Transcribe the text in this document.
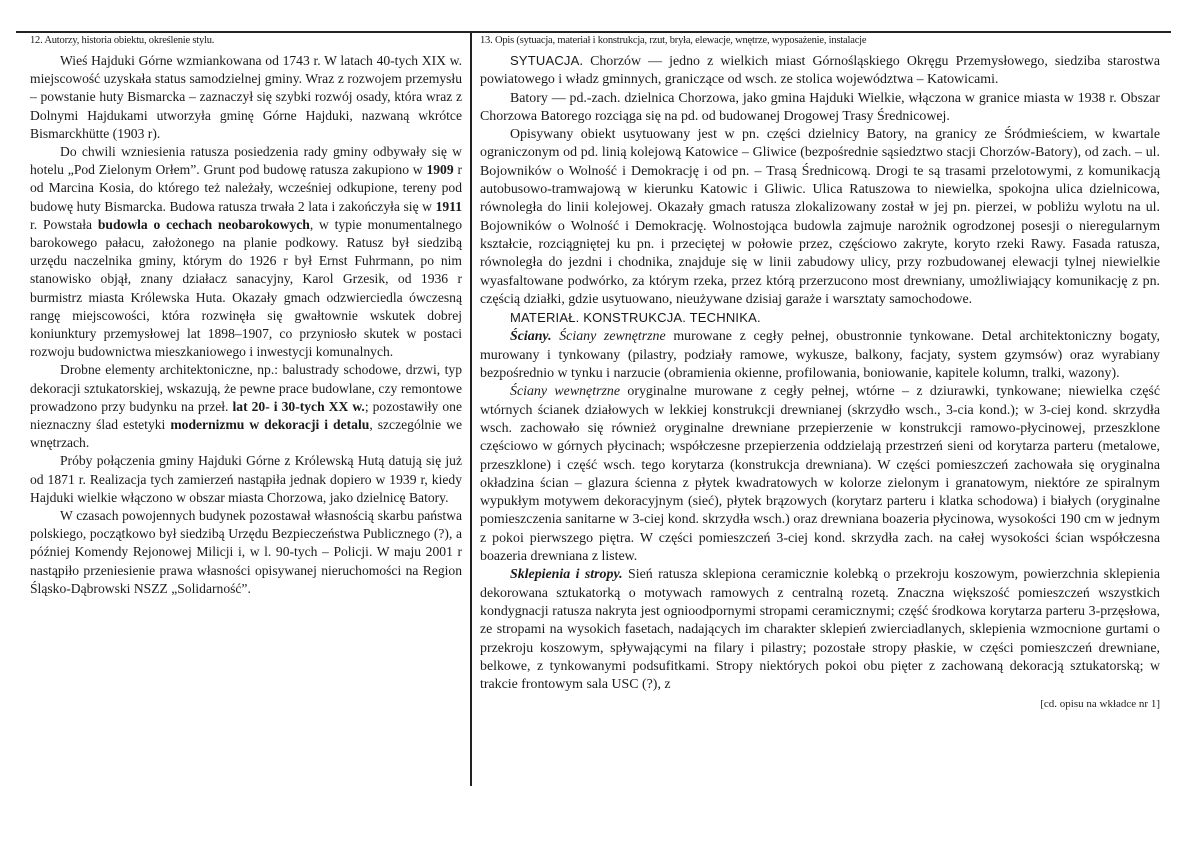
12. Autorzy, historia obiektu, określenie stylu.

Wieś Hajduki Górne wzmiankowana od 1743 r. W latach 40-tych XIX w. miejscowość uzyskała status samodzielnej gminy. Wraz z rozwojem przemysłu – powstanie huty Bismarcka – zaznaczył się szybki rozwój osady, która wraz z Dolnymi Hajdukami utworzyła gminę Górne Hajduki, nazwaną wkrótce Bismarckhütte (1903 r).

Do chwili wzniesienia ratusza posiedzenia rady gminy odbywały się w hotelu „Pod Zielonym Orłem”. Grunt pod budowę ratusza zakupiono w 1909 r od Marcina Kosia, do którego też należały, wcześniej odkupione, tereny pod budowę huty Bismarcka. Budowa ratusza trwała 2 lata i zakończyła się w 1911 r. Powstała budowla o cechach neobarokowych, w typie monumentalnego barokowego pałacu, założonego na planie podkowy. Ratusz był siedzibą urzędu naczelnika gminy, którym do 1926 r był Ernst Fuhrmann, po nim stanowisko objął, znany działacz sanacyjny, Karol Grzesik, od 1936 r burmistrz miasta Królewska Huta. Okazały gmach odzwierciedla ówczesną rangę miejscowości, która rozwinęła się gwałtownie wskutek dobrej koniunktury przemysłowej lat 1898–1907, co przyniosło skutek w postaci rozwoju budownictwa mieszkaniowego i inwestycji komunalnych.

Drobne elementy architektoniczne, np.: balustrady schodowe, drzwi, typ dekoracji sztukatorskiej, wskazują, że pewne prace budowlane, czy remontowe prowadzono przy budynku na przeł. lat 20- i 30-tych XX w.; pozostawiły one nieznaczny ślad estetyki modernizmu w dekoracji i detalu, szczególnie we wnętrzach.

Próby połączenia gminy Hajduki Górne z Królewską Hutą datują się już od 1871 r. Realizacja tych zamierzeń nastąpiła jednak dopiero w 1939 r, kiedy Hajduki wielkie włączono w obszar miasta Chorzowa, jako dzielnicę Batory.

W czasach powojennych budynek pozostawał własnością skarbu państwa polskiego, początkowo był siedzibą Urzędu Bezpieczeństwa Publicznego (?), a później Komendy Rejonowej Milicji i, w l. 90-tych – Policji. W maju 2001 r nastąpiło przeniesienie prawa własności opisywanej nieruchomości na Region Śląsko-Dąbrowski NSZZ „Solidarność”.

13. Opis (sytuacja, materiał i konstrukcja, rzut, bryła, elewacje, wnętrze, wyposażenie, instalacje

SYTUACJA. Chorzów — jedno z wielkich miast Górnośląskiego Okręgu Przemysłowego, siedziba starostwa powiatowego i władz gminnych, graniczące od wsch. ze stolica województwa – Katowicami.

Batory — pd.-zach. dzielnica Chorzowa, jako gmina Hajduki Wielkie, włączona w granice miasta w 1938 r. Obszar Chorzowa Batorego rozciąga się na pd. od budowanej Drogowej Trasy Średnicowej.

Opisywany obiekt usytuowany jest w pn. części dzielnicy Batory, na granicy ze Śródmieściem, w kwartale ograniczonym od pd. linią kolejową Katowice – Gliwice (bezpośrednie sąsiedztwo stacji Chorzów-Batory), od zach. – ul. Bojowników o Wolność i Demokrację i od pn. – Trasą Średnicową. Drogi te są trasami przelotowymi, z komunikacją autobusowo-tramwajową w kierunku Katowic i Gliwic. Ulica Ratuszowa to niewielka, spokojna ulica dzielnicowa, równoległa do linii kolejowej. Okazały gmach ratusza zlokalizowany został w jej pn. pierzei, w pobliżu wylotu na ul. Bojowników o Wolność i Demokrację. Wolnostojąca budowla zajmuje narożnik ogrodzonej posesji o nieregularnym kształcie, rozciągniętej ku pn. i przeciętej w połowie przez, częściowo zakryte, koryto rzeki Rawy. Fasada ratusza, równoległa do jezdni i chodnika, znajduje się w linii zabudowy ulicy, przy rozbudowanej elewacji tylnej niewielkie wyasfaltowane podwórko, za którym rzeka, przez którą przerzucono most drewniany, umożliwiający komunikację z pn. częścią działki, gdzie usytuowano, nieużywane dzisiaj garaże i warsztaty samochodowe.

MATERIAŁ. KONSTRUKCJA. TECHNIKA.

Ściany. Ściany zewnętrzne murowane z cegły pełnej, obustronnie tynkowane. Detal architektoniczny bogaty, murowany i tynkowany (pilastry, podziały ramowe, wykusze, balkony, facjaty, system gzymsów) oraz wyrabiany bezpośrednio w tynku i narzucie (obramienia okienne, profilowania, boniowanie, kapitele kolumn, tralki, wazony).

Ściany wewnętrzne oryginalne murowane z cegły pełnej, wtórne – z dziurawki, tynkowane; niewielka część wtórnych ścianek działowych w lekkiej konstrukcji drewnianej (skrzydło wsch., 3-cia kond.); w 3-ciej kond. skrzydła wsch. zachowało się również oryginalne drewniane przepierzenie w konstrukcji ramowo-płycinowej, przeszklone częściowo w górnych płycinach; współczesne przepierzenia oddzielają przestrzeń sieni od korytarza parteru (metalowe, przeszklone) i część wsch. tego korytarza (konstrukcja drewniana). W części pomieszczeń zachowała się oryginalna okładzina ścian – glazura ścienna z płytek kwadratowych w kolorze zielonym i granatowym, niektóre ze spiralnym wypukłym motywem dekoracyjnym (sieć), płytek brązowych (korytarz parteru i klatka schodowa) i białych (oryginalne pomieszczenia sanitarne w 3-ciej kond. skrzydła wsch.) oraz drewniana boazeria płycinowa, wysokości 190 cm w jednym z pokoi pierwszego piętra. W części pomieszczeń 3-ciej kond. skrzydła zach. na całej wysokości ścian współczesna boazeria drewniana z listew.

Sklepienia i stropy. Sień ratusza sklepiona ceramicznie kolebką o przekroju koszowym, powierzchnia sklepienia dekorowana sztukatorką o motywach ramowych z centralną rozetą. Znaczna większość pomieszczeń wszystkich kondygnacji ratusza nakryta jest ognioodpornymi stropami ceramicznymi; część środkowa korytarza parteru 3-przęsłowa, ze stropami na wysokich fasetach, nadających im charakter sklepień zwierciadlanych, sklepienia wzmocnione gurtami o przekroju koszowym, spływającymi na filary i pilastry; pozostałe stropy płaskie, w części pomieszczeń drewniane, belkowe, z tynkowanymi podsufitkami. Stropy niektórych pokoi obu pięter z zachowaną dekoracją sztukatorską; w trakcie frontowym sala USC (?), z

[cd. opisu na wkładce nr 1]
